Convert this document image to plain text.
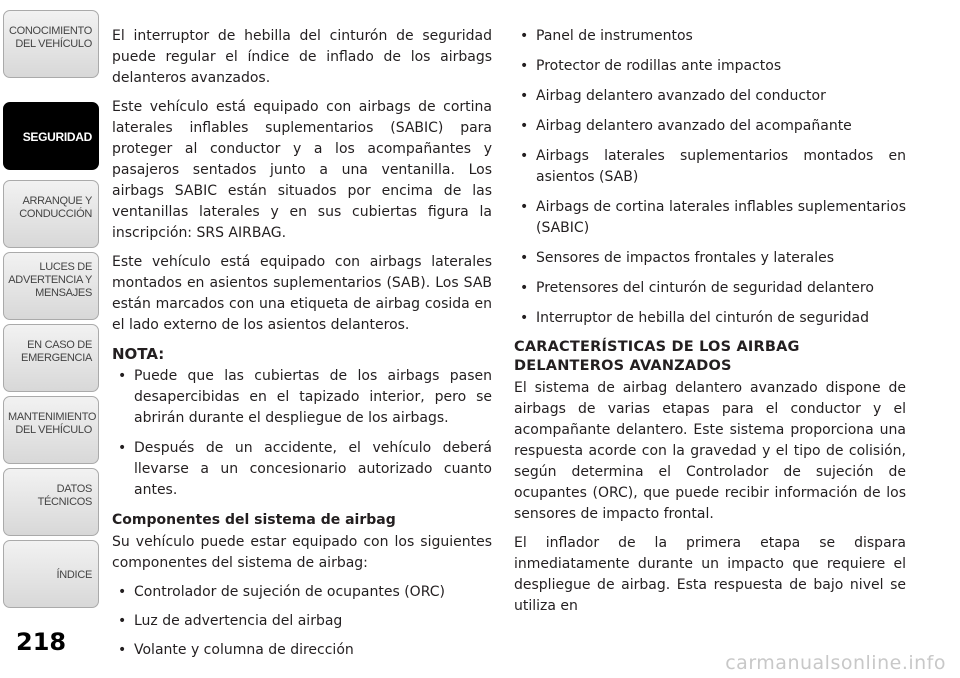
CONOCIMIENTO
DEL VEHÍCULO
SEGURIDAD
ARRANQUE Y
CONDUCCIÓN
LUCES DE
ADVERTENCIA Y
MENSAJES
EN CASO DE
EMERGENCIA
MANTENIMIENTO
DEL VEHÍCULO
DATOS
TÉCNICOS
ÍNDICE
218

El interruptor de hebilla del cinturón de seguridad puede regular el índice de inflado de los airbags delanteros avanzados.

Este vehículo está equipado con airbags de cortina laterales inflables suplementarios (SABIC) para proteger al conductor y a los acompañantes y pasajeros sentados junto a una ventanilla. Los airbags SABIC están situados por encima de las ventanillas laterales y en sus cubiertas figura la inscripción: SRS AIRBAG.

Este vehículo está equipado con airbags laterales montados en asientos suplementarios (SAB). Los SAB están marcados con una etiqueta de airbag cosida en el lado externo de los asientos delanteros.

NOTA:
• Puede que las cubiertas de los airbags pasen desapercibidas en el tapizado interior, pero se abrirán durante el despliegue de los airbags.
• Después de un accidente, el vehículo deberá llevarse a un concesionario autorizado cuanto antes.
Componentes del sistema de airbag

Su vehículo puede estar equipado con los siguientes componentes del sistema de airbag:

• Controlador de sujeción de ocupantes (ORC)
• Luz de advertencia del airbag
• Volante y columna de dirección
• Panel de instrumentos
• Protector de rodillas ante impactos
• Airbag delantero avanzado del conductor
• Airbag delantero avanzado del acompañante
• Airbags laterales suplementarios montados en asientos (SAB)
• Airbags de cortina laterales inflables suplementarios (SABIC)
• Sensores de impactos frontales y laterales
• Pretensores del cinturón de seguridad delantero
• Interruptor de hebilla del cinturón de seguridad
CARACTERÍSTICAS DE LOS AIRBAG DELANTEROS AVANZADOS

El sistema de airbag delantero avanzado dispone de airbags de varias etapas para el conductor y el acompañante delantero. Este sistema proporciona una respuesta acorde con la gravedad y el tipo de colisión, según determina el Controlador de sujeción de ocupantes (ORC), que puede recibir información de los sensores de impacto frontal.

El inflador de la primera etapa se dispara inmediatamente durante un impacto que requiere el despliegue de airbag. Esta respuesta de bajo nivel se utiliza en

carmanualsonline.info
